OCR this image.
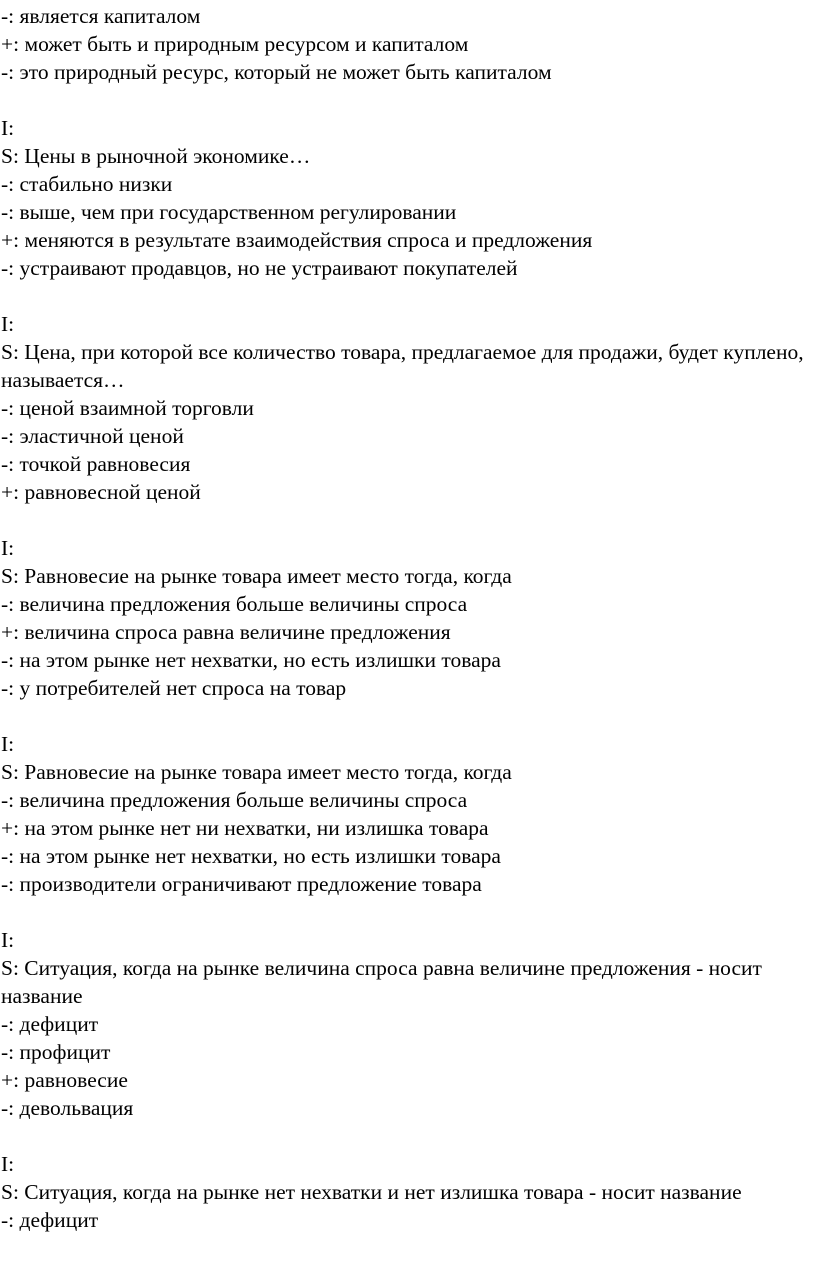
-: является капиталом
+: может быть и природным ресурсом и капиталом
-: это природный ресурс, который не может быть капиталом
I:
S: Цены в рыночной экономике…
-: стабильно низки
-: выше, чем при государственном регулировании
+: меняются в результате взаимодействия спроса и предложения
-: устраивают продавцов, но не устраивают покупателей
I:
S: Цена, при которой все количество товара, предлагаемое для продажи, будет куплено, называется…
-: ценой взаимной торговли
-: эластичной ценой
-: точкой равновесия
+: равновесной ценой
I:
S: Равновесие на рынке товара имеет место тогда, когда
-: величина предложения больше величины спроса
+: величина спроса равна величине предложения
-: на этом рынке нет нехватки, но есть излишки товара
-: у потребителей нет спроса на товар
I:
S: Равновесие на рынке товара имеет место тогда, когда
-: величина предложения больше величины спроса
+: на этом рынке нет ни нехватки, ни излишка товара
-: на этом рынке нет нехватки, но есть излишки товара
-: производители ограничивают предложение товара
I:
S: Ситуация, когда на рынке величина спроса равна величине предложения - носит название
-: дефицит
-: профицит
+: равновесие
-: девольвация
I:
S: Ситуация, когда на рынке нет нехватки и нет излишка товара - носит название
-: дефицит
